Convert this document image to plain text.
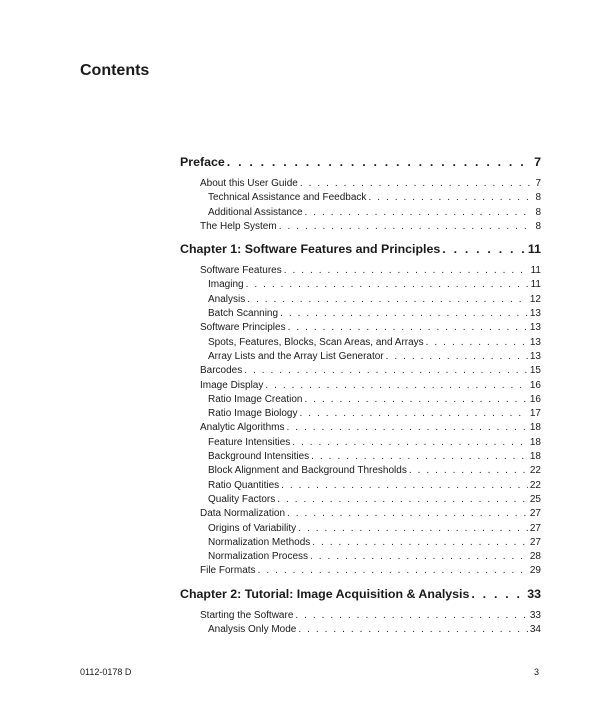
Contents
Preface . . .	7
About this User Guide . . .	7
Technical Assistance and Feedback . . .	8
Additional Assistance . . .	8
The Help System . . .	8
Chapter 1: Software Features and Principles . . .	11
Software Features . . .	11
Imaging . . .	11
Analysis . . .	12
Batch Scanning . . .	13
Software Principles . . .	13
Spots, Features, Blocks, Scan Areas, and Arrays . . .	13
Array Lists and the Array List Generator . . .	13
Barcodes . . .	15
Image Display . . .	16
Ratio Image Creation . . .	16
Ratio Image Biology . . .	17
Analytic Algorithms . . .	18
Feature Intensities . . .	18
Background Intensities . . .	18
Block Alignment and Background Thresholds . . .	22
Ratio Quantities . . .	22
Quality Factors . . .	25
Data Normalization . . .	27
Origins of Variability . . .	27
Normalization Methods . . .	27
Normalization Process . . .	28
File Formats . . .	29
Chapter 2: Tutorial: Image Acquisition & Analysis . . .	33
Starting the Software . . .	33
Analysis Only Mode . . .	34
0112-0178 D	3
